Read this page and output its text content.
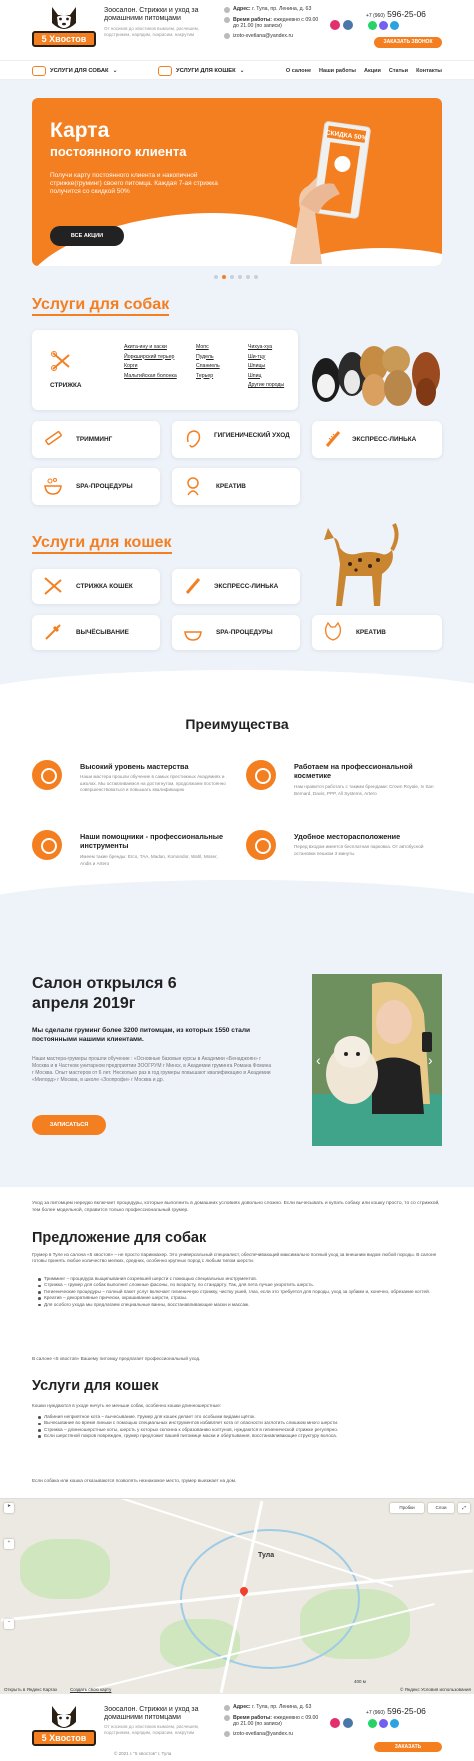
5 Хвостов
Зоосалон. Стрижки и уход за домашними питомцами
От носиков до хвостиков вымоем, расчешем, подстрижем, нарядим, покрасим, накрутим
Адрес: г. Тула, пр. Ленина, д. 63
Время работы: ежедневно с 09.00 до 21.00 (по записи)
izoto-svetlana@yandex.ru
+7 (960) 596-25-06
ЗАКАЗАТЬ ЗВОНОК
УСЛУГИ ДЛЯ СОБАК ⌄	УСЛУГИ ДЛЯ КОШЕК ⌄	О салоне Наши работы Акции Статьи Контакты
Карта
постоянного клиента

Получи карту постоянного клиента и накопичной стрижке(груминг) своего питомца. Каждая 7-ая стрижка получится со скидкой 50%

ВСЕ АКЦИИ
СКИДКА 50%
Услуги для собак
СТРИЖКА
Акита-ину и хаски	Мопс	Чихуа-хуа
Йоркширский терьер	Пудель	Ши-тцу
Корги	Спаниель	Шпицы
Мальтийская болонка	Терьер	Шпиц
Другие породы
ТРИММИНГ
ГИГИЕНИЧЕСКИЙ УХОД
ЭКСПРЕСС-ЛИНЬКА
SPA-ПРОЦЕДУРЫ	КРЕАТИВ
Услуги для кошек
СТРИЖКА КОШЕК	ЭКСПРЕСС-ЛИНЬКА
ВЫЧЁСЫВАНИЕ	SPA-ПРОЦЕДУРЫ	КРЕАТИВ
Преимущества
Высокий уровень мастерства

Наши мастера прошли обучение в самых престижных Академиях и школах. Мы оставливаемся на достигнутом, продолжаем постоянно совершенствоваться и повышать квалификацию

Работаем на профессиональной косметике

Нам нравится работать с такими брендами: Crown Royale, Iv San Bernard, Davis, PPP, All Systems, Artero

Наши помощники - профессиональные инструменты

Имеем такие бренды: Erco, TAA, Madan, Komondor, Wahl, Moser, Andis и Artero

Удобное месторасположение

Перед входом имеется бесплатная парковка. От автобусной остановки пешком 3 минуты

Салон открылся 6 апреля 2019г
Мы сделали груминг более 3200 питомцам, из которых 1550 стали постоянными нашими клиентами.
Наши мастера-грумеры прошли обучение : «Основные базовые курсы в Академии «Бенаджоян» г Москва и в Частном унитарном предприятии ЗООГРУМ г Минск, в Академии груминга Романа Фомина г Москва. Опыт мастеров от 6 лет. Несколько раз в год грумеры повышают квалификацию в Академии «Милорд» г Москва, в школе «Зоопрофи» г Москва и др.
ЗАПИСАТЬСЯ
‹	›
Уход за питомцем нередко включает процедуры, которые выполнить в домашних условиях довольно сложно. Если вычесывать и купать собаку или кошку просто, то со стрижкой, тем более модельной, справится только профессиональный грумер.
Предложение для собак
Грумер в Туле из салона «5 хвостов» – не просто парикмахер. Это универсальный специалист, обеспечивающий максимально полный уход за внешним видом любой породы. В салоне готовы принять любое количество мелких, средних, особенно крупных пород с любым типом шерсти.
Тримминг – процедура выщипывания созревшей шерсти с помощью специальных инструментов.
Стрижка – грумер для собак выполнит сложные фасоны, по возрасту, по стандарту. Так, для лета лучше укоротить шерсть.
Гигиенические процедуры – полный пакет услуг включает гигиеничную стрижку, чистку ушей, глаз, если это требуется для породы, уход за зубами и, конечно, обрезание когтей.
Креатив – декоративные прически, окрашивание шерсти, стразы.
Для особого ухода мы предлагаем специальные ванны, восстанавливающие маски и массаж.
В салоне «5 хвостов» Вашему питомцу предлагает профессиональный уход.
Услуги для кошек
Кошки нуждаются в уходе ничуть не меньше собак, особенно кошки длинношерстные:
Лабиния неприятное кота – вычесывание. Грумер для кошек делает это особыми видами щёток.
Вычесывание во время линьки с помощью специальных инструментов избавляет кота от опасности заглотить слишком много шерсти.
Стрижка – длинношерстные коты, шерсть у которых склонна к образованию колтунов, нуждаются в гигиенической стрижке регулярно.
Если шерстяной покров поврежден, грумер предложит вашей питомице маски и обертывания, восстанавливающие структуру волоса.
Если собака или кошка отказываются позволять незнакомое место, грумер выезжает на дом.
Тула
➤
+
−
Пробки	Слои	⤢
Открыть в Яндекс Картах	Создать свою карту
400 м
© Яндекс Условия использования
5 Хвостов
Зоосалон. Стрижки и уход за домашними питомцами
От носиков до хвостиков вымоем, расчешем, подстрижем, нарядим, покрасим, накрутим
Адрес: г. Тула, пр. Ленина, д. 63
Время работы: ежедневно с 09.00 до 21.00 (по записи)
izoto-svetlana@yandex.ru
+7 (960) 596-25-06
ЗАКАЗАТЬ
© 2021 г. "5 хвостов" г. Тула
